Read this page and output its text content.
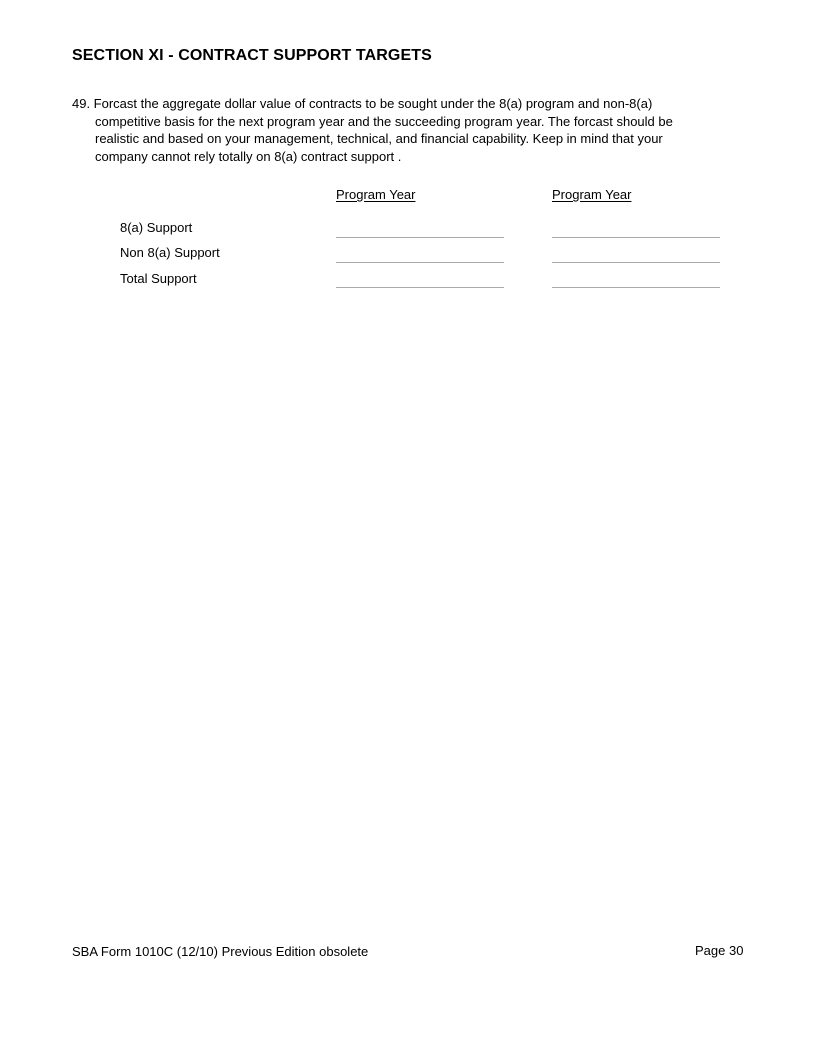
SECTION XI - CONTRACT SUPPORT TARGETS
49. Forcast the aggregate dollar value of contracts to be sought under the 8(a) program and non-8(a)
competitive basis for the next program year and the succeeding program year. The forcast should be
realistic and based on your management, technical, and financial capability. Keep in mind that your
company cannot rely totally on 8(a) contract support .
Program Year	Program Year
8(a) Support
Non 8(a) Support
Total Support
SBA Form 1010C (12/10) Previous Edition obsolete	Page 30
